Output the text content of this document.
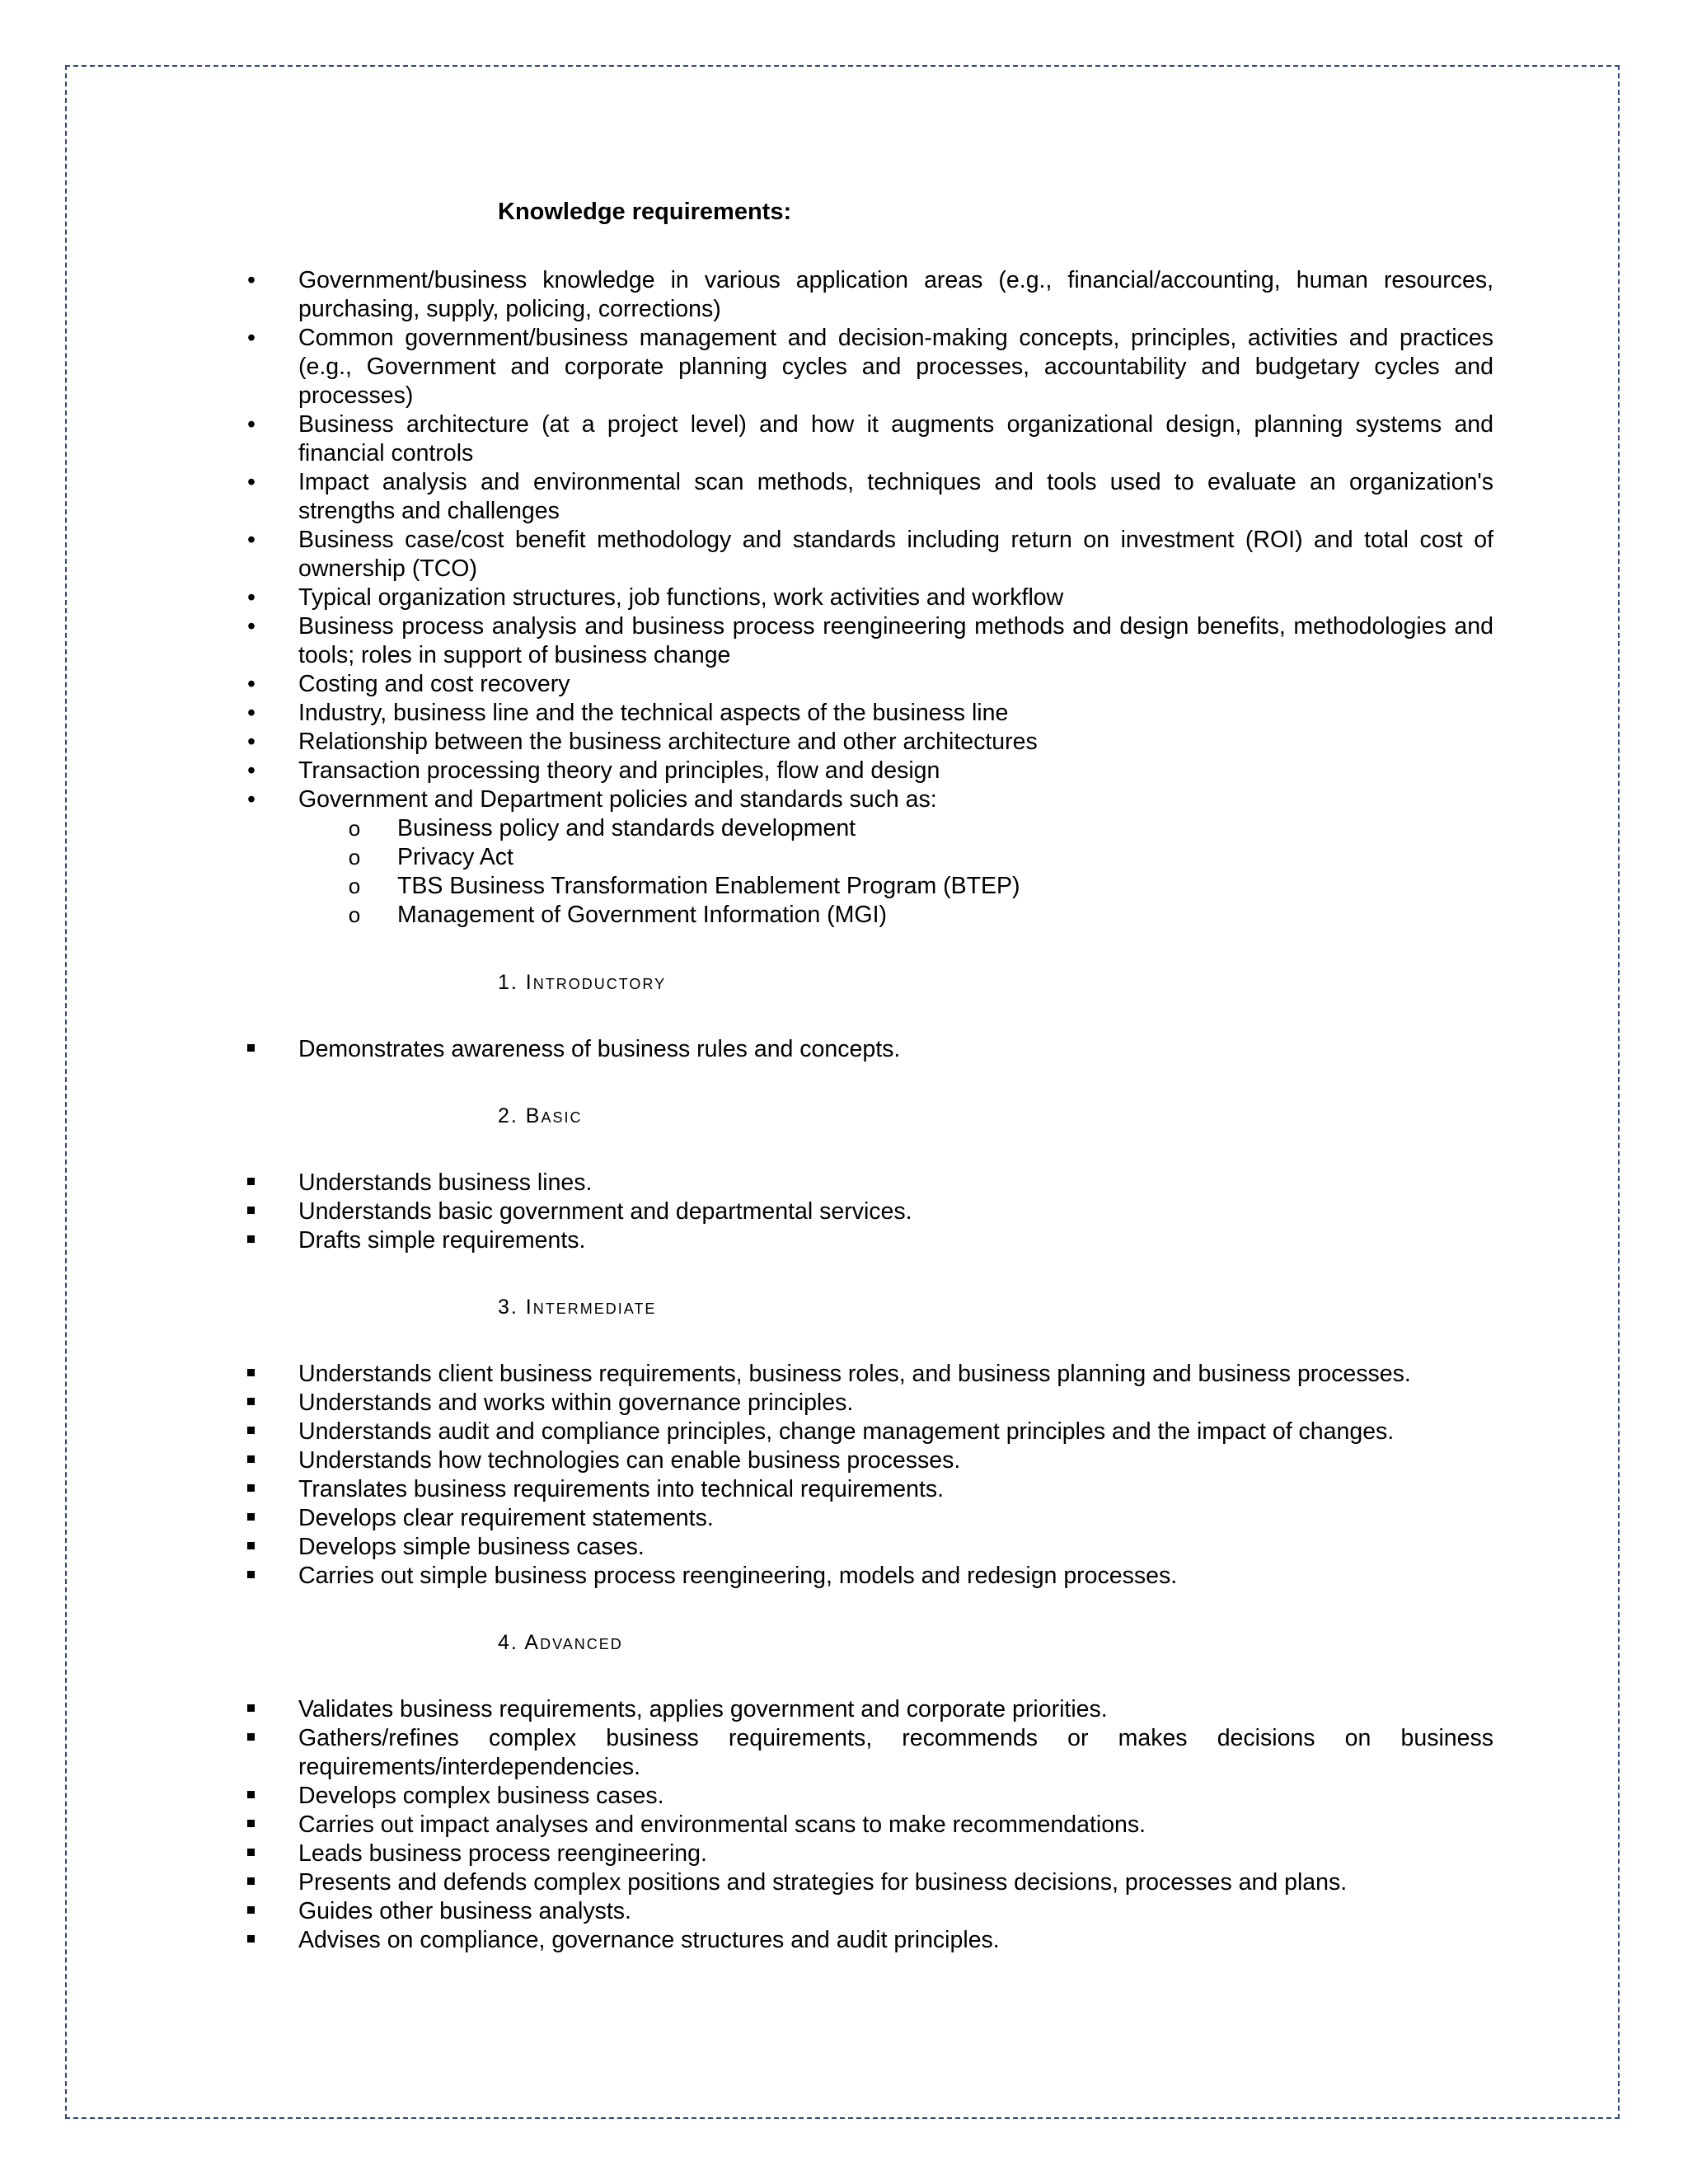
Knowledge requirements:
•	Government/business knowledge in various application areas (e.g., financial/accounting, human resources, purchasing, supply, policing, corrections)
•	Common government/business management and decision-making concepts, principles, activities and practices (e.g., Government and corporate planning cycles and processes, accountability and budgetary cycles and processes)
•	Business architecture (at a project level) and how it augments organizational design, planning systems and financial controls
•	Impact analysis and environmental scan methods, techniques and tools used to evaluate an organization's strengths and challenges
•	Business case/cost benefit methodology and standards including return on investment (ROI) and total cost of ownership (TCO)
•	Typical organization structures, job functions, work activities and workflow
•	Business process analysis and business process reengineering methods and design benefits, methodologies and tools; roles in support of business change
•	Costing and cost recovery
•	Industry, business line and the technical aspects of the business line
•	Relationship between the business architecture and other architectures
•	Transaction processing theory and principles, flow and design
•	Government and Department policies and standards such as:
o Business policy and standards development
o Privacy Act
o TBS Business Transformation Enablement Program (BTEP)
o Management of Government Information (MGI)
1. Introductory
Demonstrates awareness of business rules and concepts.
2. Basic
Understands business lines.
Understands basic government and departmental services.
Drafts simple requirements.
3. Intermediate
Understands client business requirements, business roles, and business planning and business processes.
Understands and works within governance principles.
Understands audit and compliance principles, change management principles and the impact of changes.
Understands how technologies can enable business processes.
Translates business requirements into technical requirements.
Develops clear requirement statements.
Develops simple business cases.
Carries out simple business process reengineering, models and redesign processes.
4. Advanced
Validates business requirements, applies government and corporate priorities.
Gathers/refines complex business requirements, recommends or makes decisions on business requirements/interdependencies.
Develops complex business cases.
Carries out impact analyses and environmental scans to make recommendations.
Leads business process reengineering.
Presents and defends complex positions and strategies for business decisions, processes and plans.
Guides other business analysts.
Advises on compliance, governance structures and audit principles.
